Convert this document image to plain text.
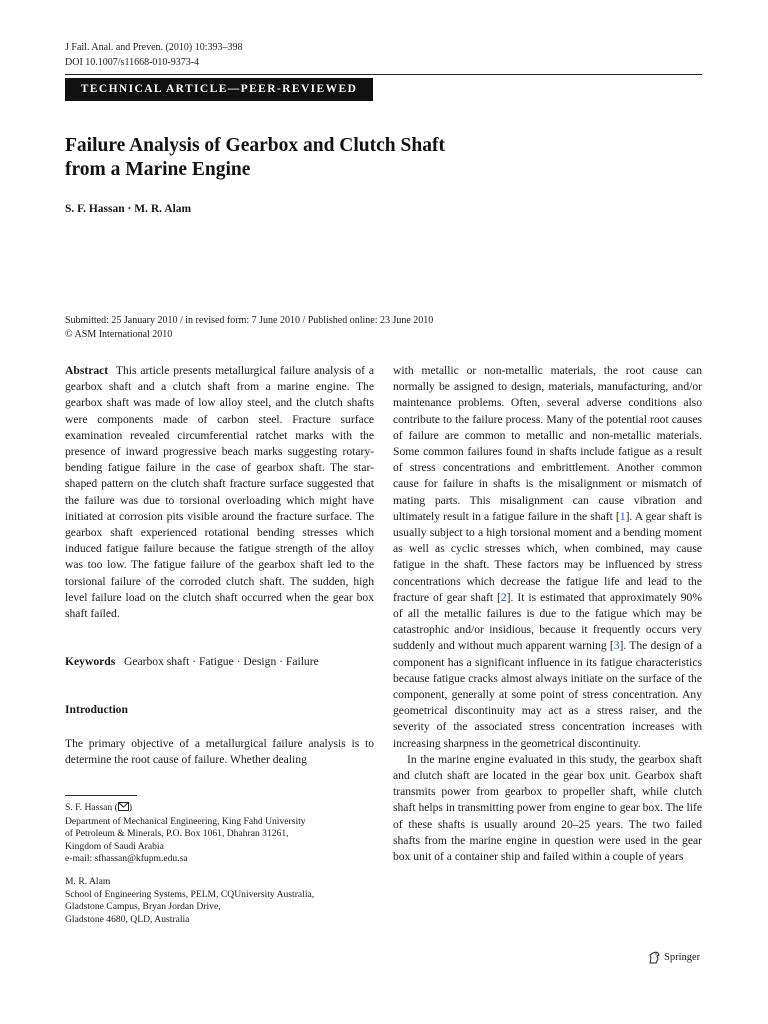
J Fail. Anal. and Preven. (2010) 10:393–398
DOI 10.1007/s11668-010-9373-4
TECHNICAL ARTICLE—PEER-REVIEWED
Failure Analysis of Gearbox and Clutch Shaft
from a Marine Engine
S. F. Hassan · M. R. Alam
Submitted: 25 January 2010 / in revised form: 7 June 2010 / Published online: 23 June 2010
© ASM International 2010

Abstract This article presents metallurgical failure analysis of a gearbox shaft and a clutch shaft from a marine engine. The gearbox shaft was made of low alloy steel, and the clutch shafts were components made of carbon steel. Fracture surface examination revealed circumferential ratchet marks with the presence of inward progressive beach marks suggesting rotary-bending fatigue failure in the case of gearbox shaft. The star-shaped pattern on the clutch shaft fracture surface suggested that the failure was due to torsional overloading which might have initiated at corrosion pits visible around the fracture surface. The gearbox shaft experienced rotational bending stresses which induced fatigue failure because the fatigue strength of the alloy was too low. The fatigue failure of the gearbox shaft led to the torsional failure of the corroded clutch shaft. The sudden, high level failure load on the clutch shaft occurred when the gear box shaft failed.

Keywords Gearbox shaft · Fatigue · Design · Failure

Introduction

The primary objective of a metallurgical failure analysis is to determine the root cause of failure. Whether dealing

S. F. Hassan ( )
Department of Mechanical Engineering, King Fahd University
of Petroleum & Minerals, P.O. Box 1061, Dhahran 31261,
Kingdom of Saudi Arabia
e-mail: sfhassan@kfupm.edu.sa
M. R. Alam
School of Engineering Systems, PELM, CQUniversity Australia,
Gladstone Campus, Bryan Jordan Drive,
Gladstone 4680, QLD, Australia

with metallic or non-metallic materials, the root cause can normally be assigned to design, materials, manufacturing, and/or maintenance problems. Often, several adverse conditions also contribute to the failure process. Many of the potential root causes of failure are common to metallic and non-metallic materials. Some common failures found in shafts include fatigue as a result of stress concentrations and embrittlement. Another common cause for failure in shafts is the misalignment or mismatch of mating parts. This misalignment can cause vibration and ultimately result in a fatigue failure in the shaft [1]. A gear shaft is usually subject to a high torsional moment and a bending moment as well as cyclic stresses which, when combined, may cause fatigue in the shaft. These factors may be influenced by stress concentrations which decrease the fatigue life and lead to the fracture of gear shaft [2]. It is estimated that approximately 90% of all the metallic failures is due to the fatigue which may be catastrophic and/or insidious, because it frequently occurs very suddenly and without much apparent warning [3]. The design of a component has a significant influence in its fatigue characteristics because fatigue cracks almost always initiate on the surface of the component, generally at some point of stress concentration. Any geometrical discontinuity may act as a stress raiser, and the severity of the associated stress concentration increases with increasing sharpness in the geometrical discontinuity.

In the marine engine evaluated in this study, the gearbox shaft and clutch shaft are located in the gear box unit. Gearbox shaft transmits power from gearbox to propeller shaft, while clutch shaft helps in transmitting power from engine to gear box. The life of these shafts is usually around 20–25 years. The two failed shafts from the marine engine in question were used in the gear box unit of a container ship and failed within a couple of years

Springer
